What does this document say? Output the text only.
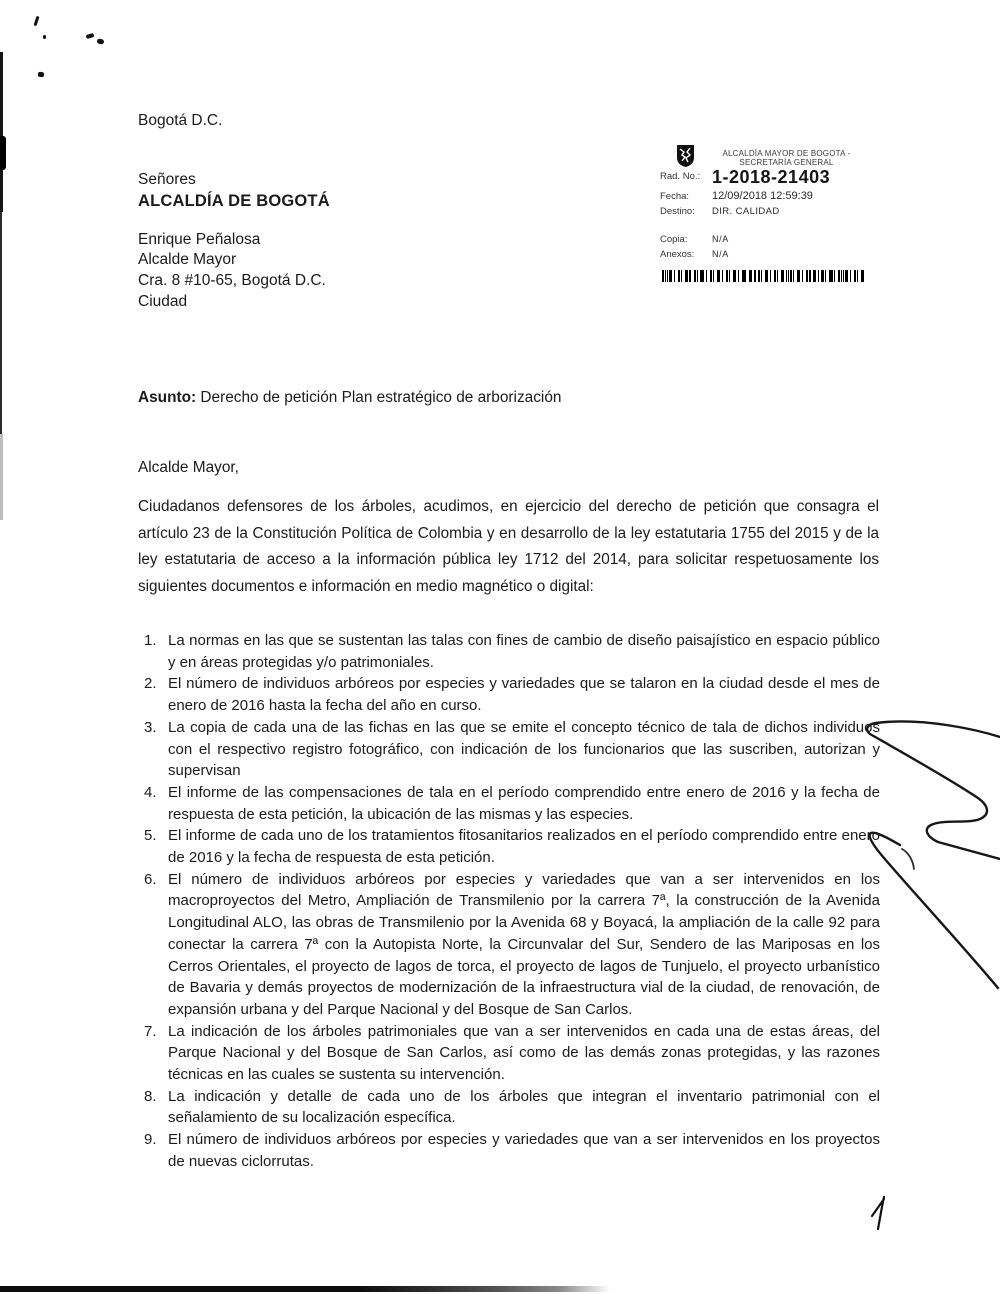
Bogotá D.C.
Señores
ALCALDÍA DE BOGOTÁ
Enrique Peñalosa
Alcalde Mayor
Cra. 8 #10-65, Bogotá D.C.
Ciudad
ALCALDÍA MAYOR DE BOGOTA -
SECRETARÍA GENERAL
Rad. No.: 1-2018-21403
Fecha:	12/09/2018 12:59:39
Destino:	DIR. CALIDAD
Copia:	N/A
Anexos:	N/A
Asunto: Derecho de petición Plan estratégico de arborización
Alcalde Mayor,
Ciudadanos defensores de los árboles, acudimos, en ejercicio del derecho de petición que consagra el artículo 23 de la Constitución Política de Colombia y en desarrollo de la ley estatutaria 1755 del 2015 y de la ley estatutaria de acceso a la información pública ley 1712 del 2014, para solicitar respetuosamente los siguientes documentos e información en medio magnético o digital:
1. La normas en las que se sustentan las talas con fines de cambio de diseño paisajístico en espacio público y en áreas protegidas y/o patrimoniales.
2. El número de individuos arbóreos por especies y variedades que se talaron en la ciudad desde el mes de enero de 2016 hasta la fecha del año en curso.
3. La copia de cada una de las fichas en las que se emite el concepto técnico de tala de dichos individuos con el respectivo registro fotográfico, con indicación de los funcionarios que las suscriben, autorizan y supervisan
4. El informe de las compensaciones de tala en el período comprendido entre enero de 2016 y la fecha de respuesta de esta petición, la ubicación de las mismas y las especies.
5. El informe de cada uno de los tratamientos fitosanitarios realizados en el período comprendido entre enero de 2016 y la fecha de respuesta de esta petición.
6. El número de individuos arbóreos por especies y variedades que van a ser intervenidos en los macroproyectos del Metro, Ampliación de Transmilenio por la carrera 7ª, la construcción de la Avenida Longitudinal ALO, las obras de Transmilenio por la Avenida 68 y Boyacá, la ampliación de la calle 92 para conectar la carrera 7ª con la Autopista Norte, la Circunvalar del Sur, Sendero de las Mariposas en los Cerros Orientales, el proyecto de lagos de torca, el proyecto de lagos de Tunjuelo, el proyecto urbanístico de Bavaria y demás proyectos de modernización de la infraestructura vial de la ciudad, de renovación, de expansión urbana y del Parque Nacional y del Bosque de San Carlos.
7. La indicación de los árboles patrimoniales que van a ser intervenidos en cada una de estas áreas, del Parque Nacional y del Bosque de San Carlos, así como de las demás zonas protegidas, y las razones técnicas en las cuales se sustenta su intervención.
8. La indicación y detalle de cada uno de los árboles que integran el inventario patrimonial con el señalamiento de su localización específica.
9. El número de individuos arbóreos por especies y variedades que van a ser intervenidos en los proyectos de nuevas ciclorrutas.
